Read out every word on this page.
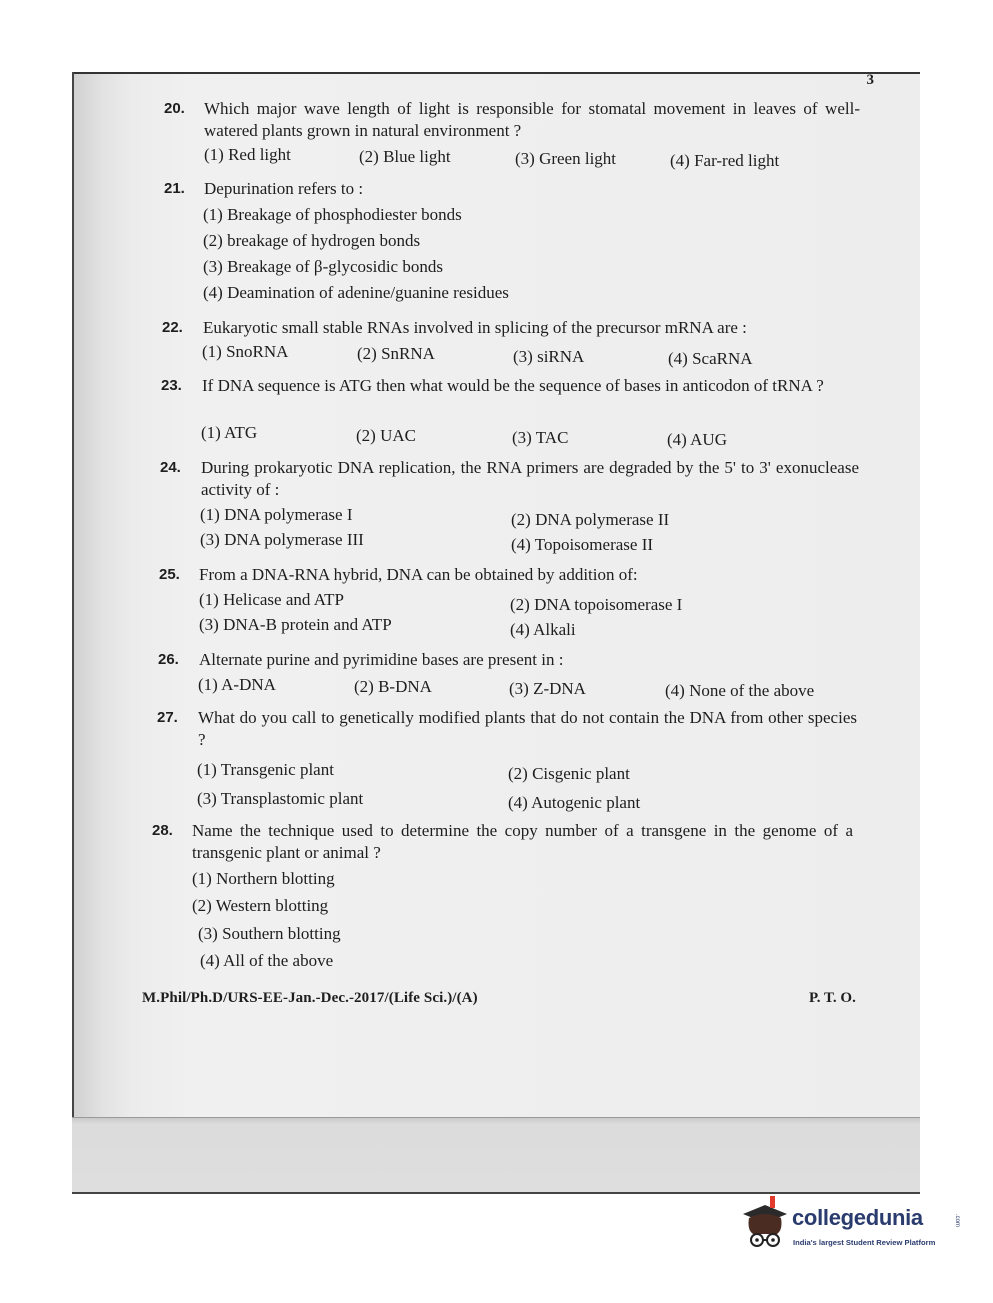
3
20. Which major wave length of light is responsible for stomatal movement in leaves of well-watered plants grown in natural environment ?
(1) Red light	(2) Blue light	(3) Green light	(4) Far-red light
21. Depurination refers to :
(1) Breakage of phosphodiester bonds
(2) breakage of hydrogen bonds
(3) Breakage of β-glycosidic bonds
(4) Deamination of adenine/guanine residues
22. Eukaryotic small stable RNAs involved in splicing of the precursor mRNA are :
(1) SnoRNA	(2) SnRNA	(3) siRNA	(4) ScaRNA
23. If DNA sequence is ATG then what would be the sequence of bases in anticodon of tRNA ?
(1) ATG	(2) UAC	(3) TAC	(4) AUG
24. During prokaryotic DNA replication, the RNA primers are degraded by the 5' to 3' exonuclease activity of :
(1) DNA polymerase I	(2) DNA polymerase II
(3) DNA polymerase III	(4) Topoisomerase II
25. From a DNA-RNA hybrid, DNA can be obtained by addition of:
(1) Helicase and ATP	(2) DNA topoisomerase I
(3) DNA-B protein and ATP	(4) Alkali
26. Alternate purine and pyrimidine bases are present in :
(1) A-DNA	(2) B-DNA	(3) Z-DNA	(4) None of the above
27. What do you call to genetically modified plants that do not contain the DNA from other species ?
(1) Transgenic plant	(2) Cisgenic plant
(3) Transplastomic plant	(4) Autogenic plant
28. Name the technique used to determine the copy number of a transgene in the genome of a transgenic plant or animal ?
(1) Northern blotting
(2) Western blotting
(3) Southern blotting
(4) All of the above
M.Phil/Ph.D/URS-EE-Jan.-Dec.-2017/(Life Sci.)/(A)	P. T. O.
collegedunia	.com
India's largest Student Review Platform
